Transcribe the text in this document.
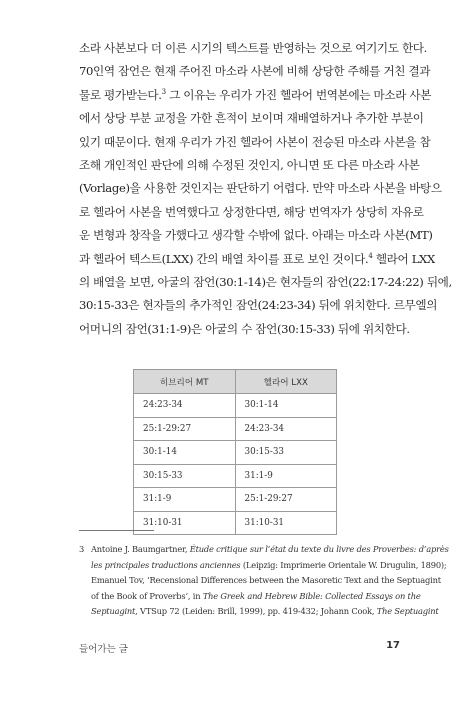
소라 사본보다 더 이른 시기의 텍스트를 반영하는 것으로 여기기도 한다.
70인역 잠언은 현재 주어진 마소라 사본에 비해 상당한 주해를 거친 결과
물로 평가받는다.$^3$ 그 이유는 우리가 가진 헬라어 번역본에는 마소라 사본
에서 상당 부분 교정을 가한 흔적이 보이며 재배열하거나 추가한 부분이
있기 때문이다. 현재 우리가 가진 헬라어 사본이 전승된 마소라 사본을 참
조해 개인적인 판단에 의해 수정된 것인지, 아니면 또 다른 마소라 사본
(Vorlage)을 사용한 것인지는 판단하기 어렵다. 만약 마소라 사본을 바탕으
로 헬라어 사본을 번역했다고 상정한다면, 해당 번역자가 상당히 자유로
운 변형과 창작을 가했다고 생각할 수밖에 없다. 아래는 마소라 사본(MT)
과 헬라어 텍스트(LXX) 간의 배열 차이를 표로 보인 것이다.$^4$ 헬라어 LXX
의 배열을 보면, 아굴의 잠언(30:1-14)은 현자들의 잠언(22:17-24:22) 뒤에,
30:15-33은 현자들의 추가적인 잠언(24:23-34) 뒤에 위치한다. 르무엘의
어머니의 잠언(31:1-9)은 아굴의 수 잠언(30:15-33) 뒤에 위치한다.
히브리어 MT	헬라어 LXX
24:23-34	30:1-14
25:1-29:27	24:23-34
30:1-14	30:15-33
30:15-33	31:1-9
31:1-9	25:1-29:27
31:10-31	31:10-31
3 Antoine J. Baumgartner, Étude critique sur l’état du texte du livre des Proverbes: d’après
les principales traductions anciennes (Leipzig: Imprimerie Orientale W. Drugulin, 1890);
Emanuel Tov, ‘Recensional Differences between the Masoretic Text and the Septuagint
of the Book of Proverbs’, in The Greek and Hebrew Bible: Collected Essays on the
Septuagint, VTSup 72 (Leiden: Brill, 1999), pp. 419-432; Johann Cook, The Septuagint
들어가는 글	17
